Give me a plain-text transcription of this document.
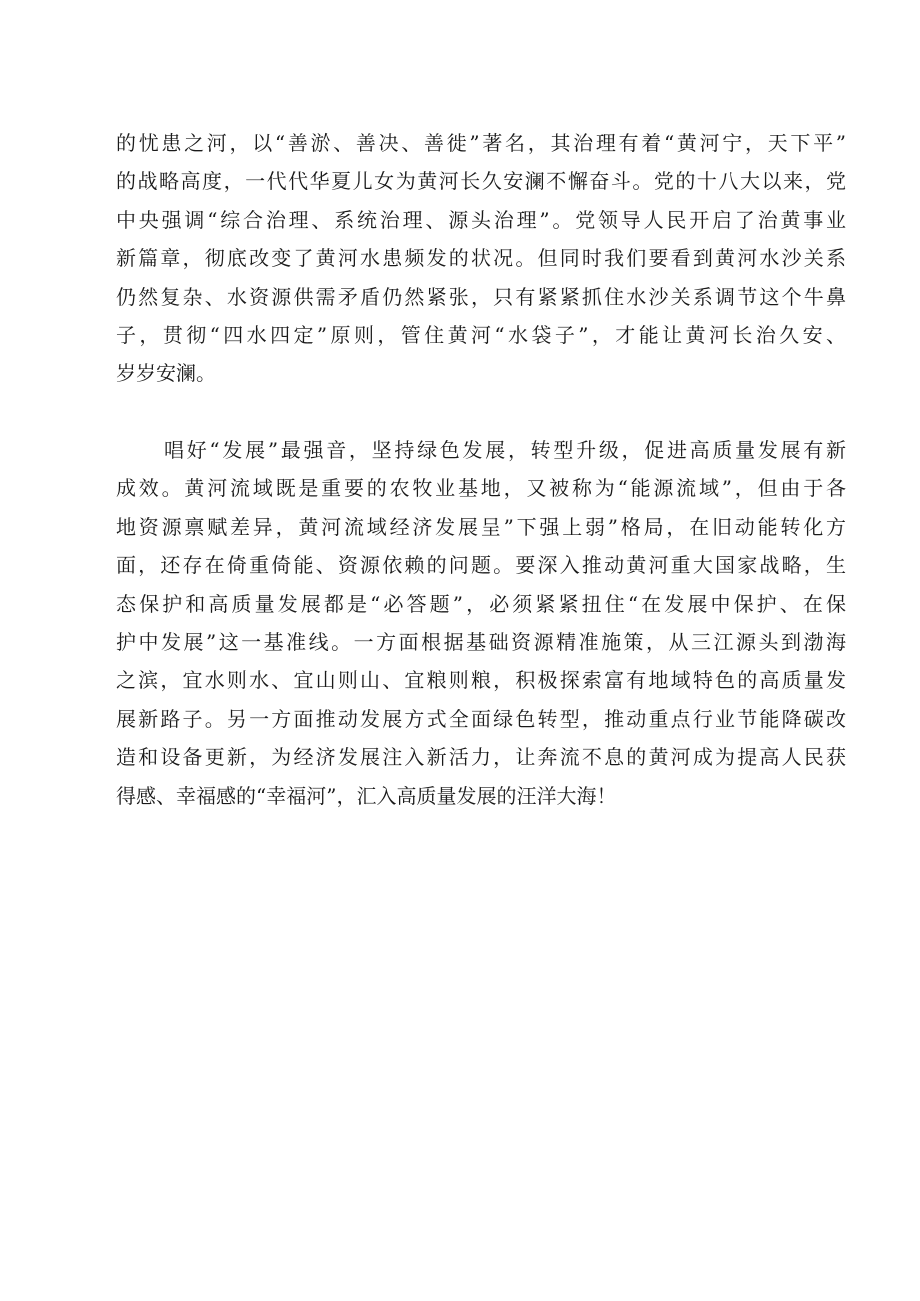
的忧患之河，以“善淤、善决、善徙”著名，其治理有着“黄河宁，天下平”
的战略高度，一代代华夏儿女为黄河长久安澜不懈奋斗。党的十八大以来，党
中央强调“综合治理、系统治理、源头治理”。党领导人民开启了治黄事业
新篇章，彻底改变了黄河水患频发的状况。但同时我们要看到黄河水沙关系
仍然复杂、水资源供需矛盾仍然紧张，只有紧紧抓住水沙关系调节这个牛鼻
子，贯彻“四水四定”原则，管住黄河“水袋子”，才能让黄河长治久安、
岁岁安澜。
唱好“发展”最强音，坚持绿色发展，转型升级，促进高质量发展有新
成效。黄河流域既是重要的农牧业基地，又被称为“能源流域”，但由于各
地资源禀赋差异，黄河流域经济发展呈”下强上弱”格局，在旧动能转化方
面，还存在倚重倚能、资源依赖的问题。要深入推动黄河重大国家战略，生
态保护和高质量发展都是“必答题”，必须紧紧扭住“在发展中保护、在保
护中发展”这一基准线。一方面根据基础资源精准施策，从三江源头到渤海
之滨，宜水则水、宜山则山、宜粮则粮，积极探索富有地域特色的高质量发
展新路子。另一方面推动发展方式全面绿色转型，推动重点行业节能降碳改
造和设备更新，为经济发展注入新活力，让奔流不息的黄河成为提高人民获
得感、幸福感的“幸福河”，汇入高质量发展的汪洋大海！
